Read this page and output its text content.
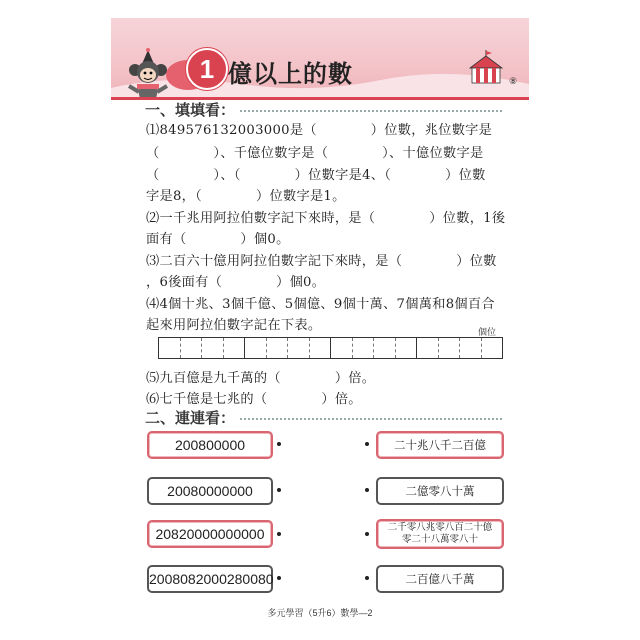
1 億以上的數	⑧
一、填填看：
⑴849576132003000是（　　　　）位數，兆位數字是
（　　　　）、千億位數字是（　　　　）、十億位數字是
（　　　　）、（　　　　）位數字是4、（　　　　）位數
字是8，（　　　　）位數字是1。
⑵一千兆用阿拉伯數字記下來時，是（　　　　）位數，1後
面有（　　　　）個0。
⑶二百六十億用阿拉伯數字記下來時，是（　　　　）位數
，6後面有（　　　　）個0。
⑷4個十兆、3個千億、5個億、9個十萬、7個萬和8個百合
起來用阿拉伯數字記在下表。	個位
⑸九百億是九千萬的（　　　　）倍。
⑹七千億是七兆的（　　　　）倍。
二、連連看：
200800000
20080000000
20820000000000
2008082000280080
二十兆八千二百億
二億零八十萬
二千零八兆零八百二十億零二十八萬零八十
二百億八千萬
多元學習（5升6）數學—2
